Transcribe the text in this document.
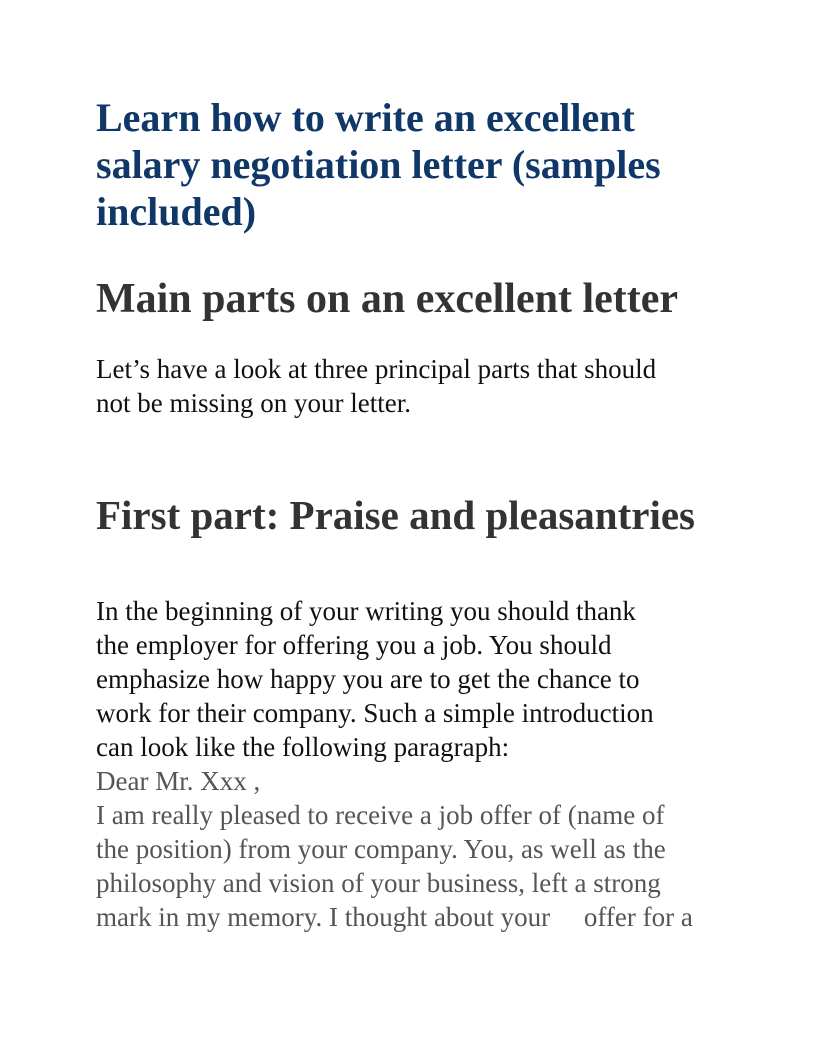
Learn how to write an excellent salary negotiation letter (samples included)
Main parts on an excellent letter

Let’s have a look at three principal parts that should
not be missing on your letter.

First part: Praise and pleasantries

In the beginning of your writing you should thank
the employer for offering you a job. You should
emphasize how happy you are to get the chance to
work for their company. Such a simple introduction
can look like the following paragraph:

Dear Mr. Xxx ,
I am really pleased to receive a job offer of (name of
the position) from your company. You, as well as the
philosophy and vision of your business, left a strong
mark in my memory. I thought about your     offer for a
